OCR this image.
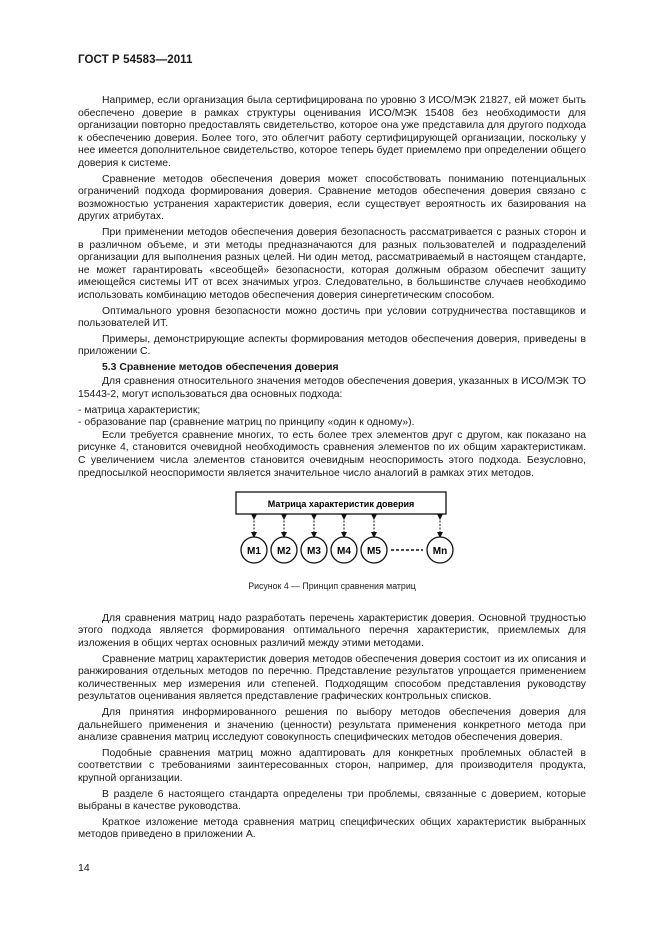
ГОСТ Р 54583—2011

Например, если организация была сертифицирована по уровню 3 ИСО/МЭК 21827, ей может быть обеспечено доверие в рамках структуры оценивания ИСО/МЭК 15408 без необходимости для организации повторно предоставлять свидетельство, которое она уже представила для другого подхода к обеспечению доверия. Более того, это облегчит работу сертифицирующей организации, поскольку у нее имеется дополнительное свидетельство, которое теперь будет приемлемо при определении общего доверия к системе.

Сравнение методов обеспечения доверия может способствовать пониманию потенциальных ограничений подхода формирования доверия. Сравнение методов обеспечения доверия связано с возможностью устранения характеристик доверия, если существует вероятность их базирования на других атрибутах.

При применении методов обеспечения доверия безопасность рассматривается с разных сторон и в различном объеме, и эти методы предназначаются для разных пользователей и подразделений организации для выполнения разных целей. Ни один метод, рассматриваемый в настоящем стандарте, не может гарантировать «всеобщей» безопасности, которая должным образом обеспечит защиту имеющейся системы ИТ от всех значимых угроз. Следовательно, в большинстве случаев необходимо использовать комбинацию методов обеспечения доверия синергетическим способом.

Оптимального уровня безопасности можно достичь при условии сотрудничества поставщиков и пользователей ИТ.

Примеры, демонстрирующие аспекты формирования методов обеспечения доверия, приведены в приложении С.

5.3 Сравнение методов обеспечения доверия

Для сравнения относительного значения методов обеспечения доверия, указанных в ИСО/МЭК ТО 15443-2, могут использоваться два основных подхода:

- матрица характеристик;

- образование пар (сравнение матриц по принципу «один к одному»).

Если требуется сравнение многих, то есть более трех элементов друг с другом, как показано на рисунке 4, становится очевидной необходимость сравнения элементов по их общим характеристикам. С увеличением числа элементов становится очевидным неоспоримость этого подхода. Безусловно, предпосылкой неоспоримости является значительное число аналогий в рамках этих методов.

Матрица характеристик доверия
M1 M2 M3 M4 M5	Mn
Рисунок 4 — Принцип сравнения матриц

Для сравнения матриц надо разработать перечень характеристик доверия. Основной трудностью этого подхода является формирования оптимального перечня характеристик, приемлемых для изложения в общих чертах основных различий между этими методами.

Сравнение матриц характеристик доверия методов обеспечения доверия состоит из их описания и ранжирования отдельных методов по перечню. Представление результатов упрощается применением количественных мер измерения или степеней. Подходящим способом представления руководству результатов оценивания является представление графических контрольных списков.

Для принятия информированного решения по выбору методов обеспечения доверия для дальнейшего применения и значению (ценности) результата применения конкретного метода при анализе сравнения матриц исследуют совокупность специфических методов обеспечения доверия.

Подобные сравнения матриц можно адаптировать для конкретных проблемных областей в соответствии с требованиями заинтересованных сторон, например, для производителя продукта, крупной организации.

В разделе 6 настоящего стандарта определены три проблемы, связанные с доверием, которые выбраны в качестве руководства.

Краткое изложение метода сравнения матриц специфических общих характеристик выбранных методов приведено в приложении А.

14
